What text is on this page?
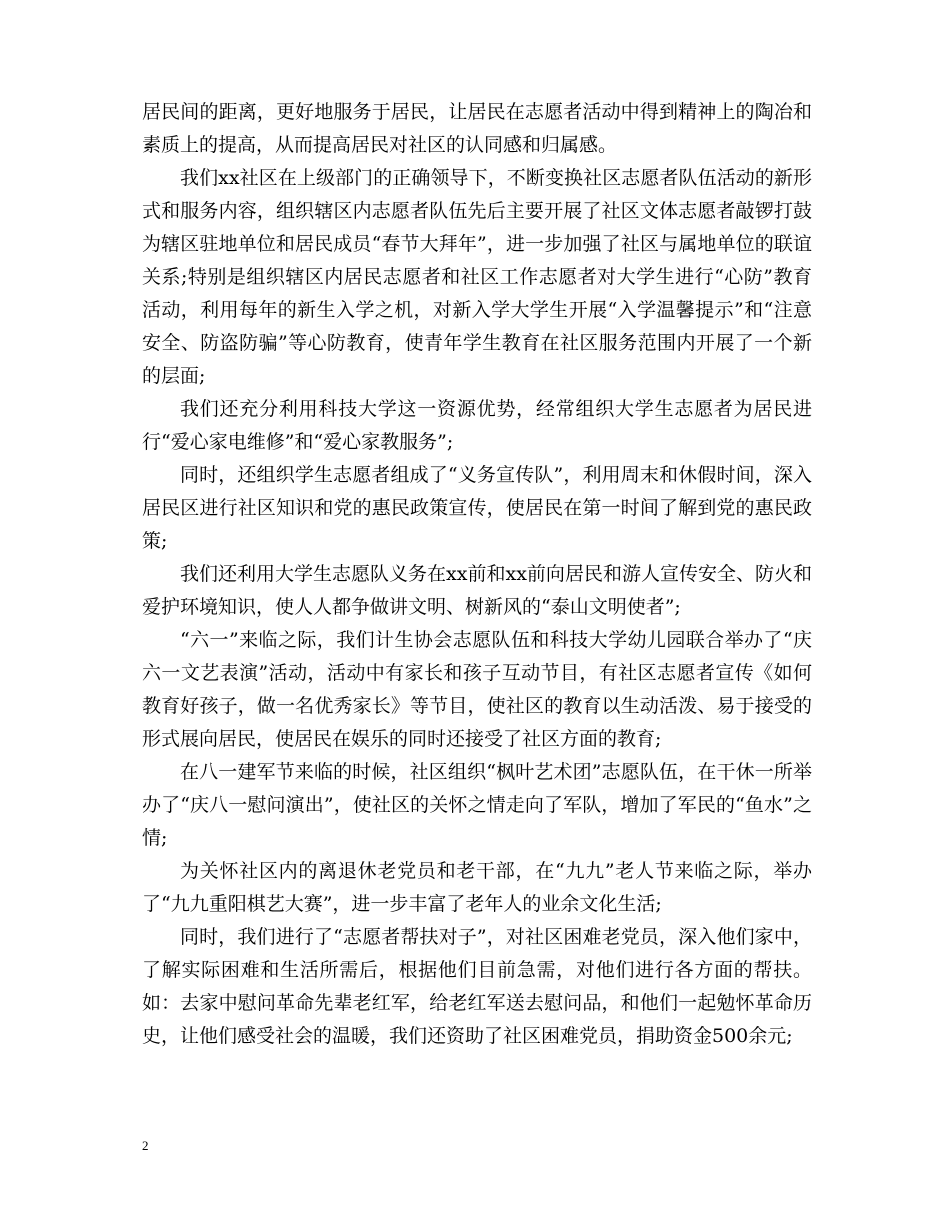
居民间的距离，更好地服务于居民，让居民在志愿者活动中得到精神上的陶冶和素质上的提高，从而提高居民对社区的认同感和归属感。

我们xx社区在上级部门的正确领导下，不断变换社区志愿者队伍活动的新形式和服务内容，组织辖区内志愿者队伍先后主要开展了社区文体志愿者敲锣打鼓为辖区驻地单位和居民成员“春节大拜年”，进一步加强了社区与属地单位的联谊关系;特别是组织辖区内居民志愿者和社区工作志愿者对大学生进行“心防”教育活动，利用每年的新生入学之机，对新入学大学生开展“入学温馨提示”和“注意安全、防盗防骗”等心防教育，使青年学生教育在社区服务范围内开展了一个新的层面;

我们还充分利用科技大学这一资源优势，经常组织大学生志愿者为居民进行“爱心家电维修”和“爱心家教服务”;

同时，还组织学生志愿者组成了“义务宣传队”，利用周末和休假时间，深入居民区进行社区知识和党的惠民政策宣传，使居民在第一时间了解到党的惠民政策;

我们还利用大学生志愿队义务在xx前和xx前向居民和游人宣传安全、防火和爱护环境知识，使人人都争做讲文明、树新风的“泰山文明使者”;

“六一”来临之际，我们计生协会志愿队伍和科技大学幼儿园联合举办了“庆六一文艺表演”活动，活动中有家长和孩子互动节目，有社区志愿者宣传《如何教育好孩子，做一名优秀家长》等节目，使社区的教育以生动活泼、易于接受的形式展向居民，使居民在娱乐的同时还接受了社区方面的教育;

在八一建军节来临的时候，社区组织“枫叶艺术团”志愿队伍，在干休一所举办了“庆八一慰问演出”，使社区的关怀之情走向了军队，增加了军民的“鱼水”之情;

为关怀社区内的离退休老党员和老干部，在“九九”老人节来临之际，举办了“九九重阳棋艺大赛”，进一步丰富了老年人的业余文化生活;

同时，我们进行了“志愿者帮扶对子”，对社区困难老党员，深入他们家中，了解实际困难和生活所需后，根据他们目前急需，对他们进行各方面的帮扶。如：去家中慰问革命先辈老红军，给老红军送去慰问品，和他们一起勉怀革命历史，让他们感受社会的温暖，我们还资助了社区困难党员，捐助资金500余元;

2
